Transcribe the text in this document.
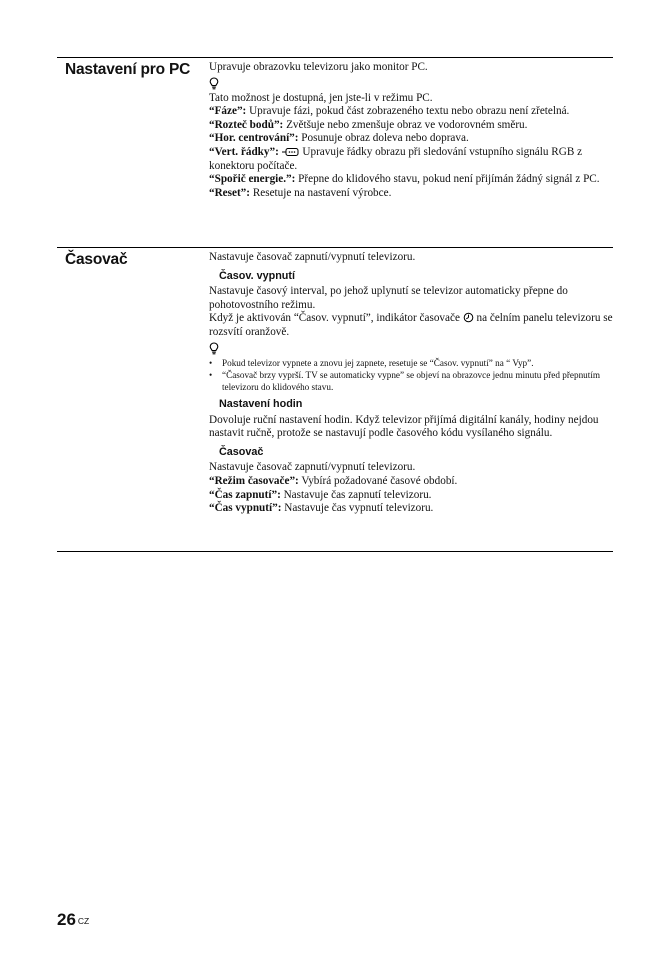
Nastavení pro PC Upravuje obrazovku televizoru jako monitor PC.

Tato možnost je dostupná, jen jste-li v režimu PC.

“Fáze”: Upravuje fázi, pokud část zobrazeného textu nebo obrazu není zřetelná.

“Rozteč bodů”: Zvětšuje nebo zmenšuje obraz ve vodorovném směru.

“Hor. centrování”: Posunuje obraz doleva nebo doprava.

“Vert. řádky”:  Upravuje řádky obrazu při sledování vstupního signálu RGB z konektoru počítače.

“Spořič energie.”: Přepne do klidového stavu, pokud není přijímán žádný signál z PC.

“Reset”: Resetuje na nastavení výrobce.

Časovač	Nastavuje časovač zapnutí/vypnutí televizoru.

Časov. vypnutí

Nastavuje časový interval, po jehož uplynutí se televizor automaticky přepne do pohotovostního režimu.

Když je aktivován “Časov. vypnutí”, indikátor časovače  na čelním panelu televizoru se rozsvítí oranžově.

• Pokud televizor vypnete a znovu jej zapnete, resetuje se “Časov. vypnutí” na “ Vyp”.
• “Časovač brzy vyprší. TV se automaticky vypne” se objeví na obrazovce jednu minutu před přepnutím televizoru do klidového stavu.
Nastavení hodin

Dovoluje ruční nastavení hodin. Když televizor přijímá digitální kanály, hodiny nejdou nastavit ručně, protože se nastavují podle časového kódu vysílaného signálu.

Časovač

Nastavuje časovač zapnutí/vypnutí televizoru.

“Režim časovače”: Vybírá požadované časové období.

“Čas zapnutí”: Nastavuje čas zapnutí televizoru.

“Čas vypnutí”: Nastavuje čas vypnutí televizoru.

26 CZ
